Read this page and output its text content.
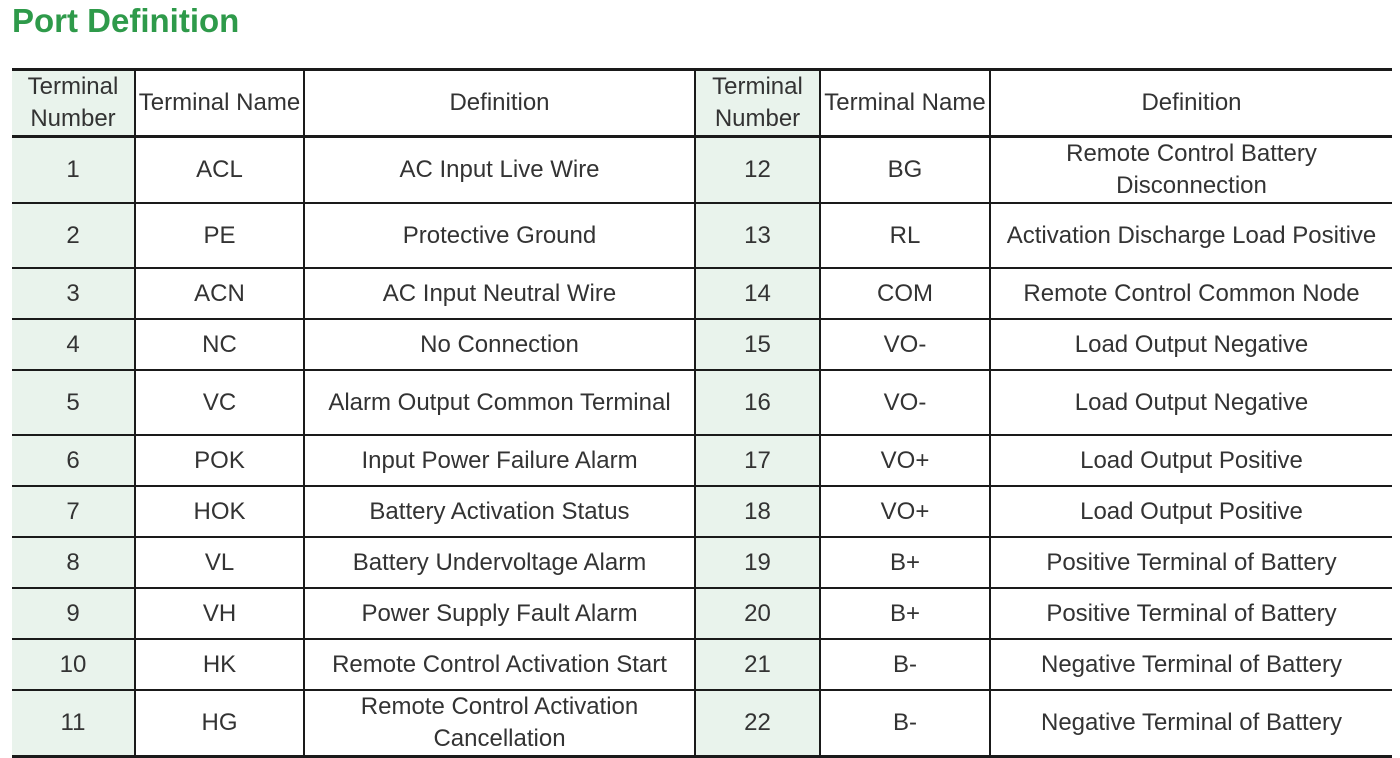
Port Definition
Terminal Number	Terminal Name	Definition	Terminal Number	Terminal Name	Definition
1	ACL	AC Input Live Wire	12	BG	Remote Control Battery Disconnection
2	PE	Protective Ground	13	RL	Activation Discharge Load Positive
3	ACN	AC Input Neutral Wire	14	COM	Remote Control Common Node
4	NC	No Connection	15	VO-	Load Output Negative
5	VC	Alarm Output Common Terminal	16	VO-	Load Output Negative
6	POK	Input Power Failure Alarm	17	VO+	Load Output Positive
7	HOK	Battery Activation Status	18	VO+	Load Output Positive
8	VL	Battery Undervoltage Alarm	19	B+	Positive Terminal of Battery
9	VH	Power Supply Fault Alarm	20	B+	Positive Terminal of Battery
10	HK	Remote Control Activation Start	21	B-	Negative Terminal of Battery
11	HG	Remote Control Activation Cancellation	22	B-	Negative Terminal of Battery
